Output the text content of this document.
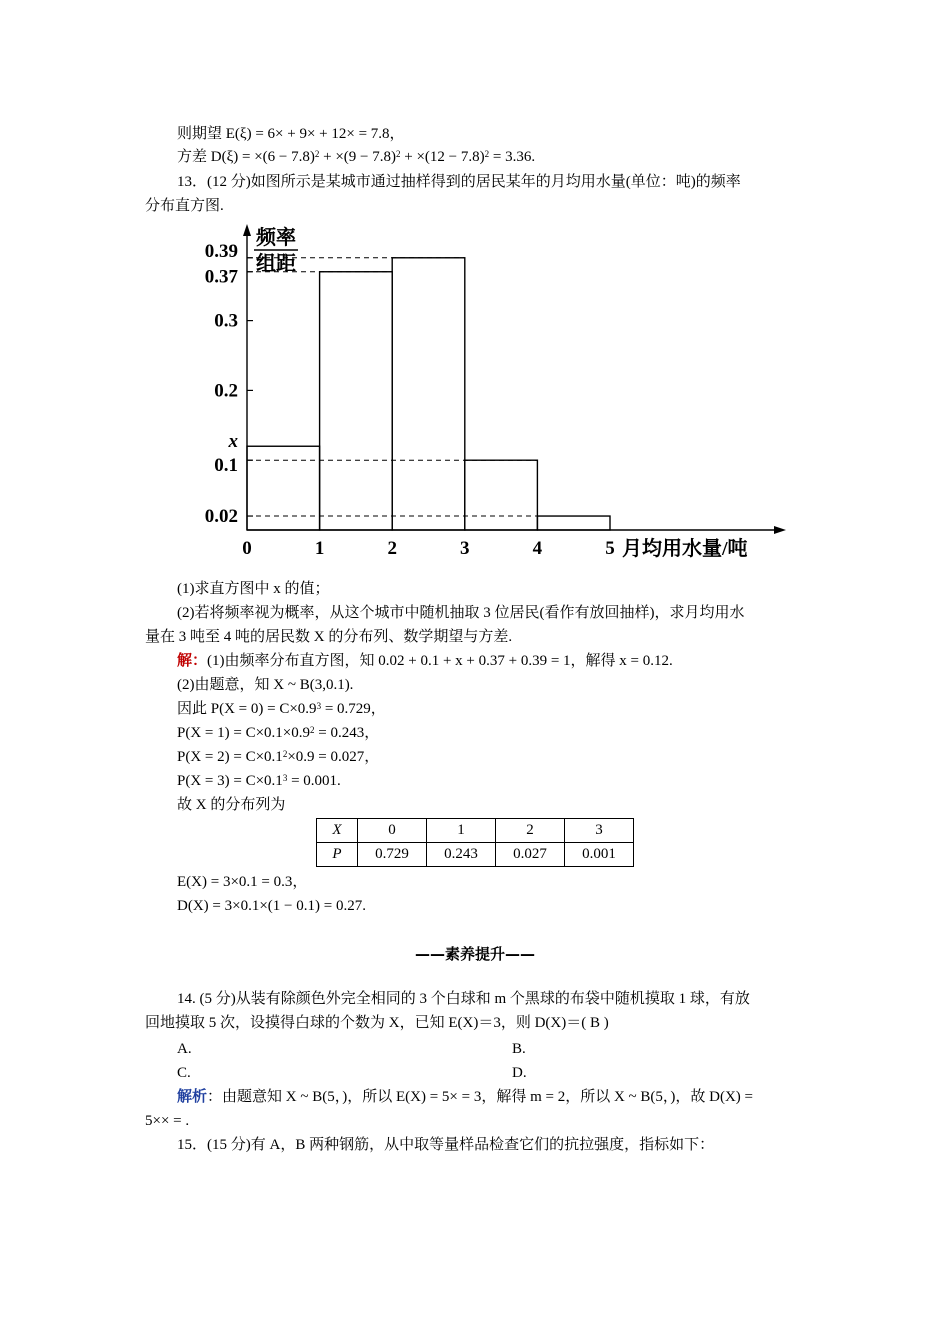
则期望 E(ξ) = 6× + 9× + 12× = 7.8，
方差 $D(\xi) = \times(6 - 7.8)^2 + \times(9 - 7.8)^2 + \times(12 - 7.8)^2 = 3.36$.
13．(12 分)如图所示是某城市通过抽样得到的居民某年的月均用水量(单位：吨)的频率
分布直方图.
0.02
0.1
x
0.2
0.3
0.37
0.39
0	1	2	3	4	5 月均用水量/吨
频率
组距
(1)求直方图中 x 的值；
(2)若将频率视为概率，从这个城市中随机抽取 3 位居民(看作有放回抽样)，求月均用水
量在 3 吨至 4 吨的居民数 X 的分布列、数学期望与方差.
解：(1)由频率分布直方图，知 0.02 + 0.1 + x + 0.37 + 0.39 = 1，解得 x = 0.12.
(2)由题意，知 X ~ B(3,0.1).
因此 $P(X = 0) = C\times 0.9^3 = 0.729$，
$P(X = 1) = C\times 0.1\times 0.9^2 = 0.243$，
$P(X = 2) = C\times 0.1^2\times 0.9 = 0.027$，
$P(X = 3) = C\times 0.1^3 = 0.001$.
故 X 的分布列为
X	0	1	2	3
P	0.729	0.243	0.027	0.001
E(X) = 3×0.1 = 0.3，
D(X) = 3×0.1×(1 − 0.1) = 0.27.
——素养提升——
14. (5 分)从装有除颜色外完全相同的 3 个白球和 m 个黑球的布袋中随机摸取 1 球，有放
回地摸取 5 次，设摸得白球的个数为 X，已知 E(X)＝3，则 D(X)＝( B )
A.	B.
C.	D.
解析：由题意知 X ~ B(5，)，所以 E(X) = 5× = 3，解得 m = 2，所以 X ~ B(5，)，故 D(X) =
5×× = .
15．(15 分)有 A，B 两种钢筋，从中取等量样品检查它们的抗拉强度，指标如下：
